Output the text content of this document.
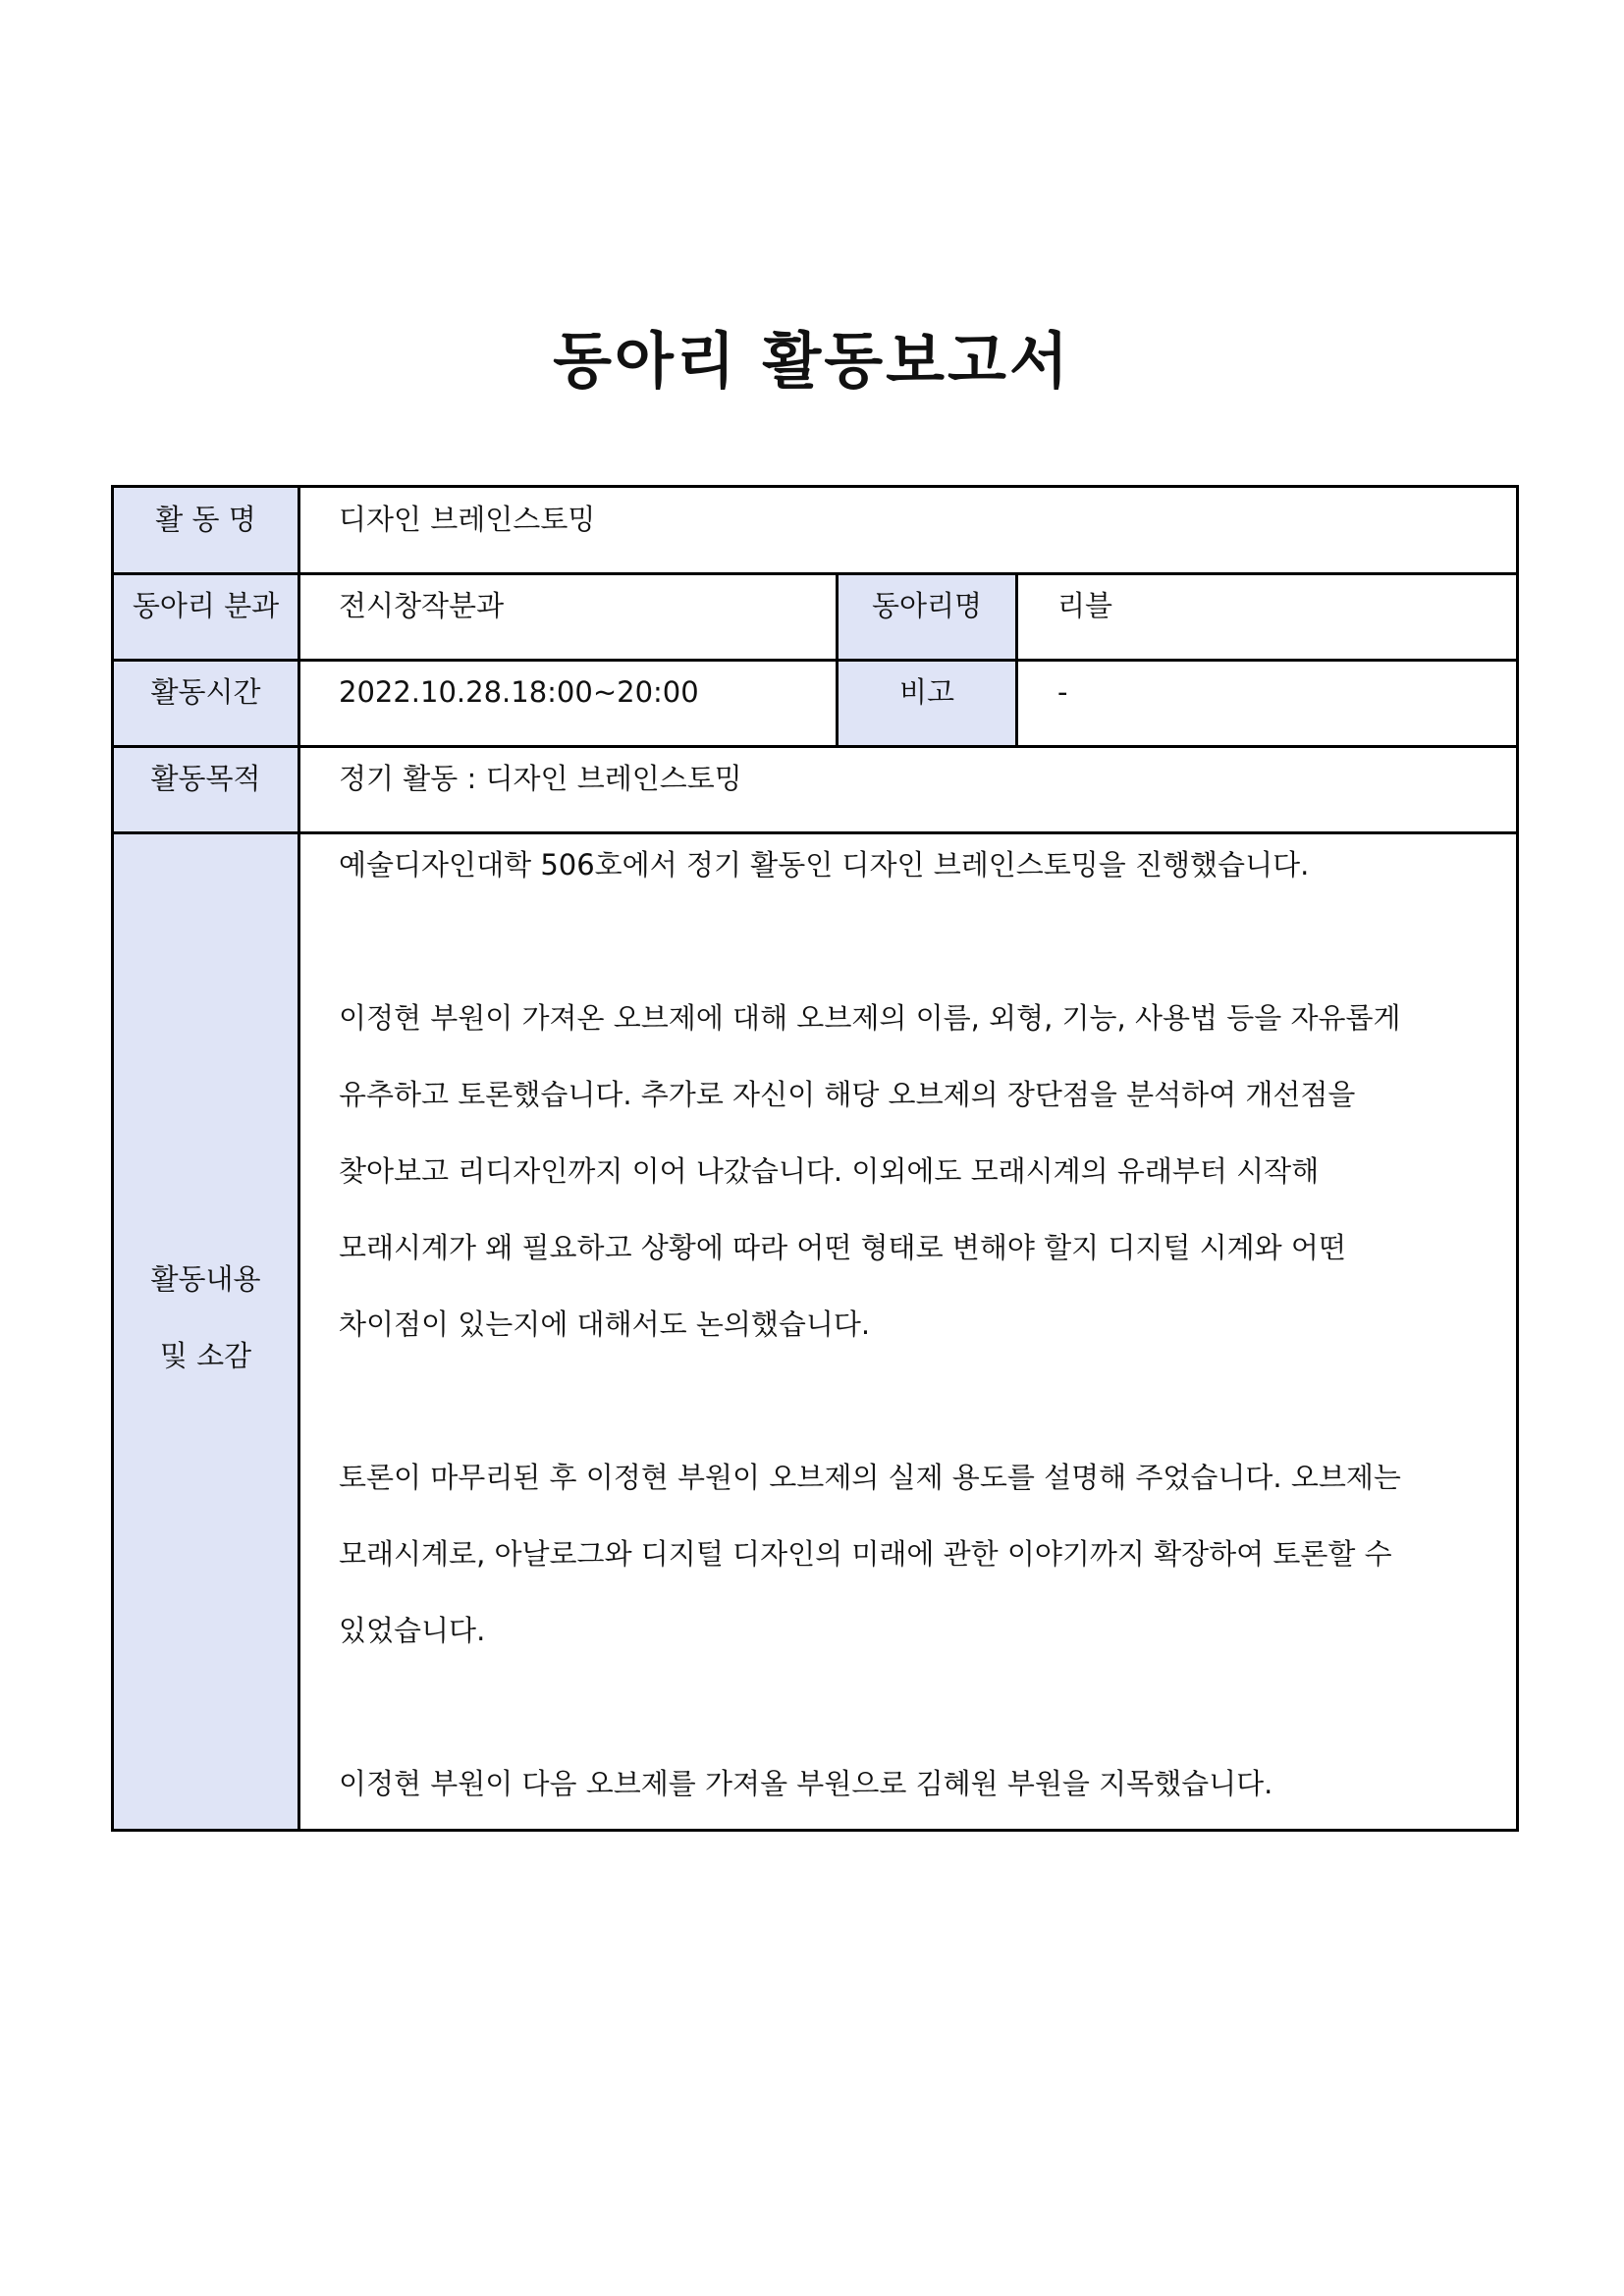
동아리 활동보고서
활 동 명	디자인 브레인스토밍
동아리 분과	전시창작분과	동아리명	리블
활동시간	2022.10.28.18:00~20:00	비고	-
활동목적	정기 활동 : 디자인 브레인스토밍
활동내용
및 소감
예술디자인대학 506호에서 정기 활동인 디자인 브레인스토밍을 진행했습니다.
이정현 부원이 가져온 오브제에 대해 오브제의 이름, 외형, 기능, 사용법 등을 자유롭게
유추하고 토론했습니다. 추가로 자신이 해당 오브제의 장단점을 분석하여 개선점을
찾아보고 리디자인까지 이어 나갔습니다. 이외에도 모래시계의 유래부터 시작해
모래시계가 왜 필요하고 상황에 따라 어떤 형태로 변해야 할지 디지털 시계와 어떤
차이점이 있는지에 대해서도 논의했습니다.
토론이 마무리된 후 이정현 부원이 오브제의 실제 용도를 설명해 주었습니다. 오브제는
모래시계로, 아날로그와 디지털 디자인의 미래에 관한 이야기까지 확장하여 토론할 수
있었습니다.
이정현 부원이 다음 오브제를 가져올 부원으로 김혜원 부원을 지목했습니다.
